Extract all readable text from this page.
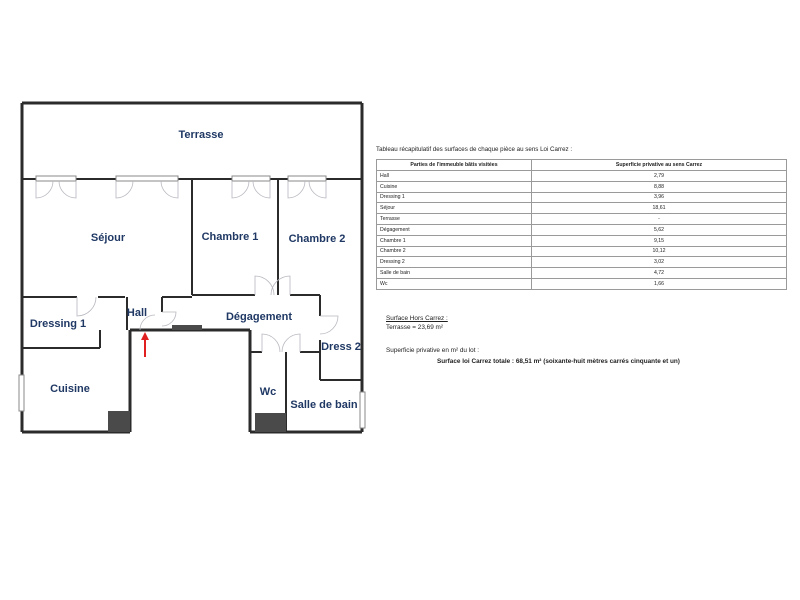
Terrasse
Séjour	Chambre 1	Chambre 2
Hall
Dressing 1
Dégagement
Dress 2
Cuisine	Wc
Salle de bain
Tableau récapitulatif des surfaces de chaque pièce au sens Loi Carrez :
Parties de l'immeuble bâtis visitées	Superficie privative au sens Carrez
Hall	2,79
Cuisine	8,88
Dressing 1	3,96
Séjour	18,61
Terrasse	-
Dégagement	5,62
Chambre 1	9,15
Chambre 2	10,12
Dressing 2	3,02
Salle de bain	4,72
Wc	1,66
Surface Hors Carrez :
Terrasse = 23,69 m²
Superficie privative en m² du lot :
Surface loi Carrez totale : 68,51 m² (soixante-huit mètres carrés cinquante et un)
